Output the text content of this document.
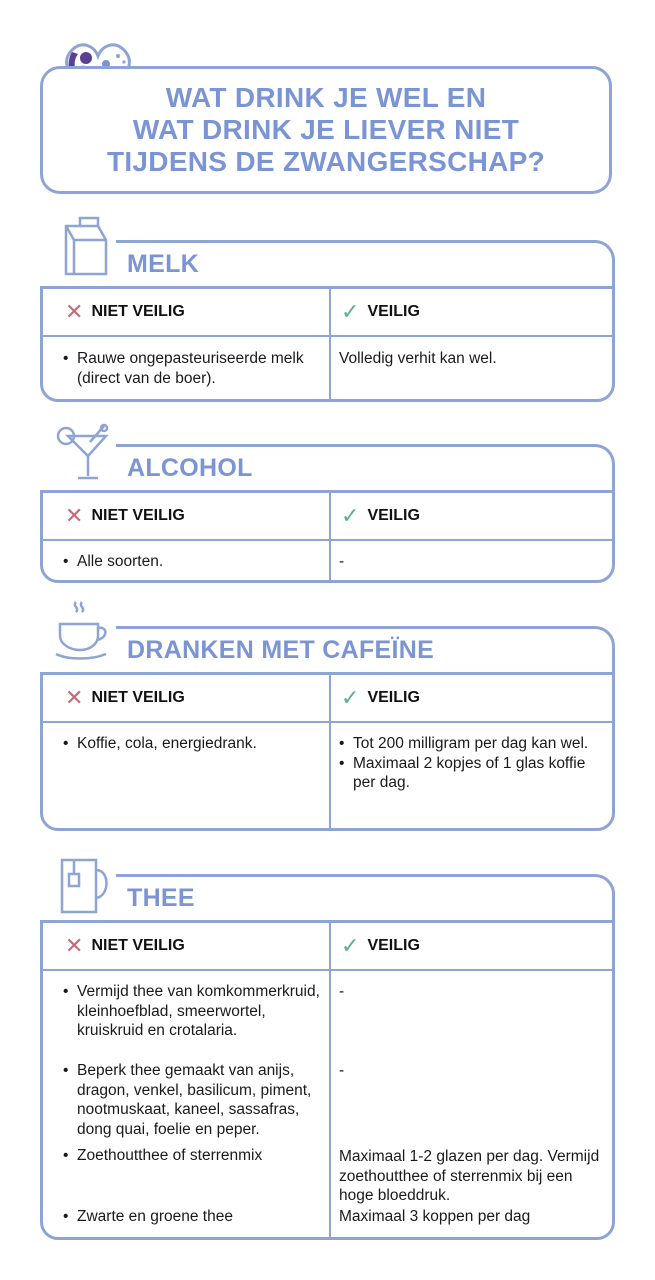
WAT DRINK JE WEL EN
WAT DRINK JE LIEVER NIET
TIJDENS DE ZWANGERSCHAP?
MELK
✕ NIET VEILIG	✓ VEILIG
• Rauwe ongepasteuriseerde melk (direct van de boer).
Volledig verhit kan wel.
ALCOHOL
✕ NIET VEILIG	✓ VEILIG
• Alle soorten.	-
DRANKEN MET CAFEÏNE
✕ NIET VEILIG	✓ VEILIG
• Koffie, cola, energiedrank.
•	Tot 200 milligram per dag kan wel.
• Maximaal 2 kopjes of 1 glas koffie per dag.
THEE
✕ NIET VEILIG	✓ VEILIG
• Vermijd thee van komkommerkruid, kleinhoefblad, smeerwortel, kruiskruid en crotalaria.
• Beperk thee gemaakt van anijs, dragon, venkel, basilicum, piment, nootmuskaat, kaneel, sassafras, dong quai, foelie en peper.
• Zoethoutthee of sterrenmix
• Zwarte en groene thee
-
-
Maximaal 1-2 glazen per dag. Vermijd zoethoutthee of sterrenmix bij een hoge bloeddruk.
Maximaal 3 koppen per dag
